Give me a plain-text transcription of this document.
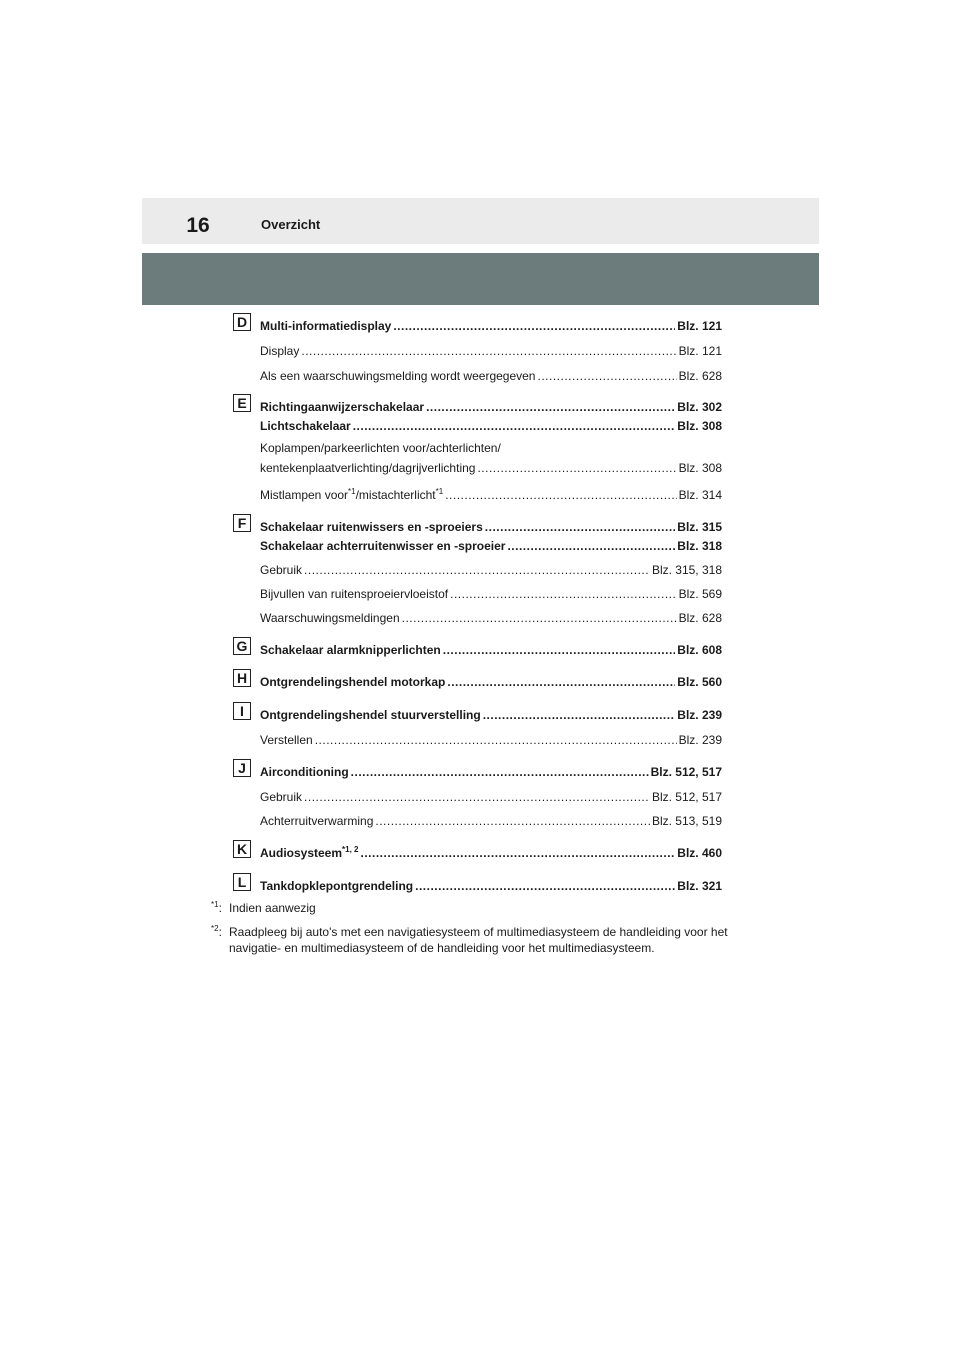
16	Overzicht
D	Multi-informatiedisplay .....	Blz. 121
Display .....	Blz. 121
Als een waarschuwingsmelding wordt weergegeven .....	Blz. 628
E	Richtingaanwijzerschakelaar .....	Blz. 302
Lichtschakelaar .....	Blz. 308
Koplampen/parkeerlichten voor/achterlichten/
kentekenplaatverlichting/dagrijverlichting .....	Blz. 308
Mistlampen voor$^{*1}$/mistachterlicht$^{*1}$ .....	Blz. 314
F	Schakelaar ruitenwissers en -sproeiers .....	Blz. 315
Schakelaar achterruitenwisser en -sproeier .....	Blz. 318
Gebruik .....	Blz. 315, 318
Bijvullen van ruitensproeiervloeistof .....	Blz. 569
Waarschuwingsmeldingen .....	Blz. 628
G Schakelaar alarmknipperlichten .....	Blz. 608
H	Ontgrendelingshendel motorkap .....	Blz. 560
I	Ontgrendelingshendel stuurverstelling .....	Blz. 239
Verstellen .....	Blz. 239
J	Airconditioning .....	Blz. 512, 517
Gebruik .....	Blz. 512, 517
Achterruitverwarming .....	Blz. 513, 519
K	Audiosysteem$^{*1, 2}$ .....	Blz. 460
L	Tankdopklepontgrendeling .....	Blz. 321
$^{*1}$: Indien aanwezig
$^{*2}$: Raadpleeg bij auto's met een navigatiesysteem of multimediasysteem de handleiding voor het navigatie- en multimediasysteem of de handleiding voor het multimediasysteem.
